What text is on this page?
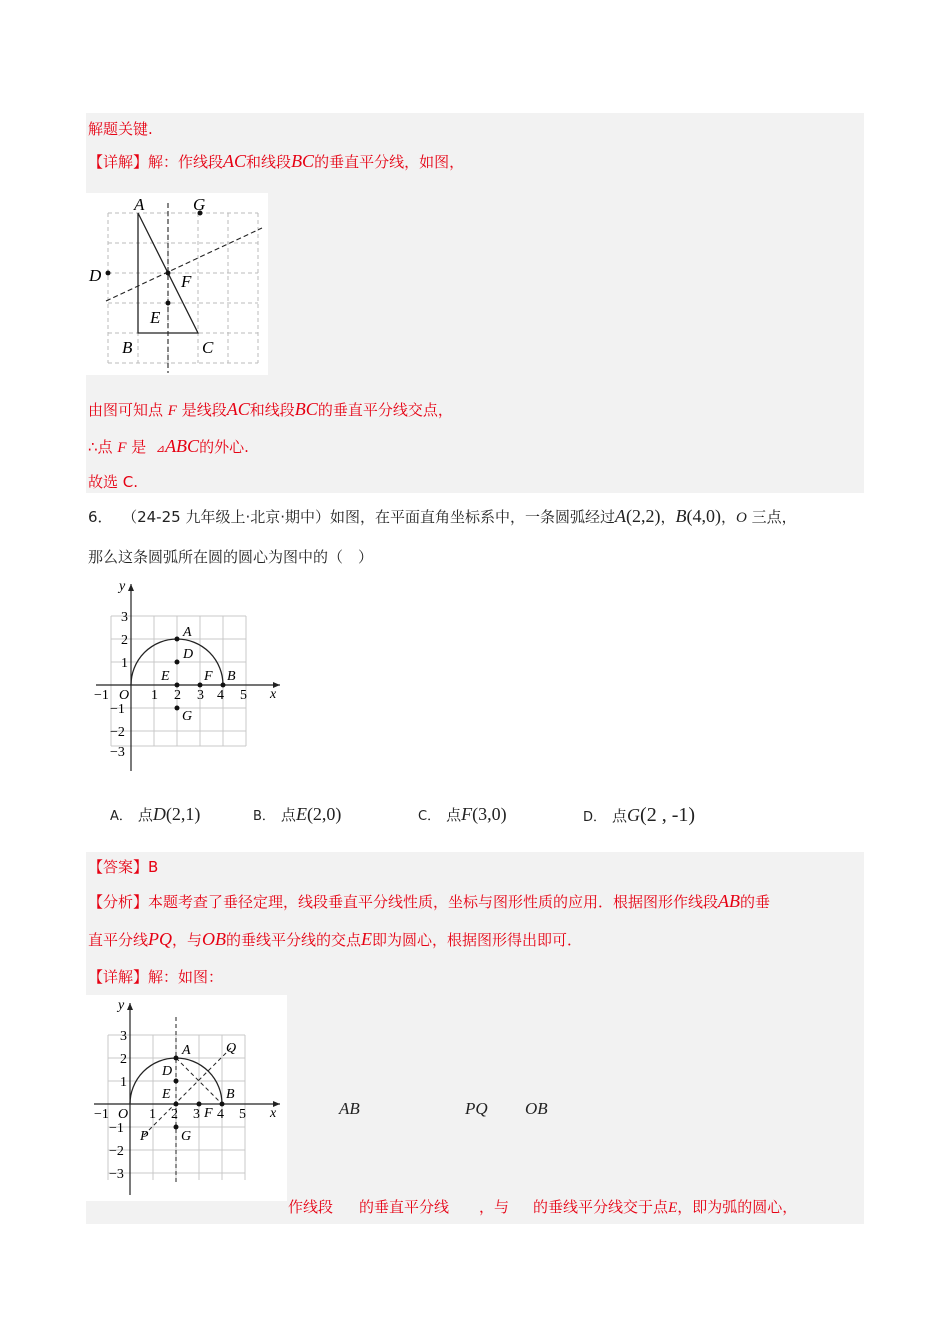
解题关键.
【详解】解：作线段AC和线段BC的垂直平分线，如图，
A	G
D	F
E
B	C
由图可知点 F 是线段AC和线段BC的垂直平分线交点，
∴点 F 是 ⊿ABC的外心.
故选 C.
6． （24-25 九年级上·北京·期中）如图，在平面直角坐标系中，一条圆弧经过A(2,2)，B(4,0)，O 三点，
那么这条圆弧所在圆的圆心为图中的（　）
y
x
O
−1	1 2 3 4 5
3
2
1
−1
−2
−3
A
D
E F B
G
A． 点D(2,1)	B． 点E(2,0)	C． 点F(3,0)	D． 点G(2 , -1)
【答案】B
【分析】本题考查了垂径定理，线段垂直平分线性质，坐标与图形性质的应用．根据图形作线段AB的垂
直平分线PQ，与OB的垂线平分线的交点E即为圆心，根据图形得出即可．
【详解】解：如图：
y
x
O
−1	1 2 3 4 5
3
2
1
−1
−2
−3
A
D
E
F
B
G
P
Q
AB	PQ OB
作线段 的垂直平分线 ，与 的垂线平分线交于点E，即为弧的圆心，
